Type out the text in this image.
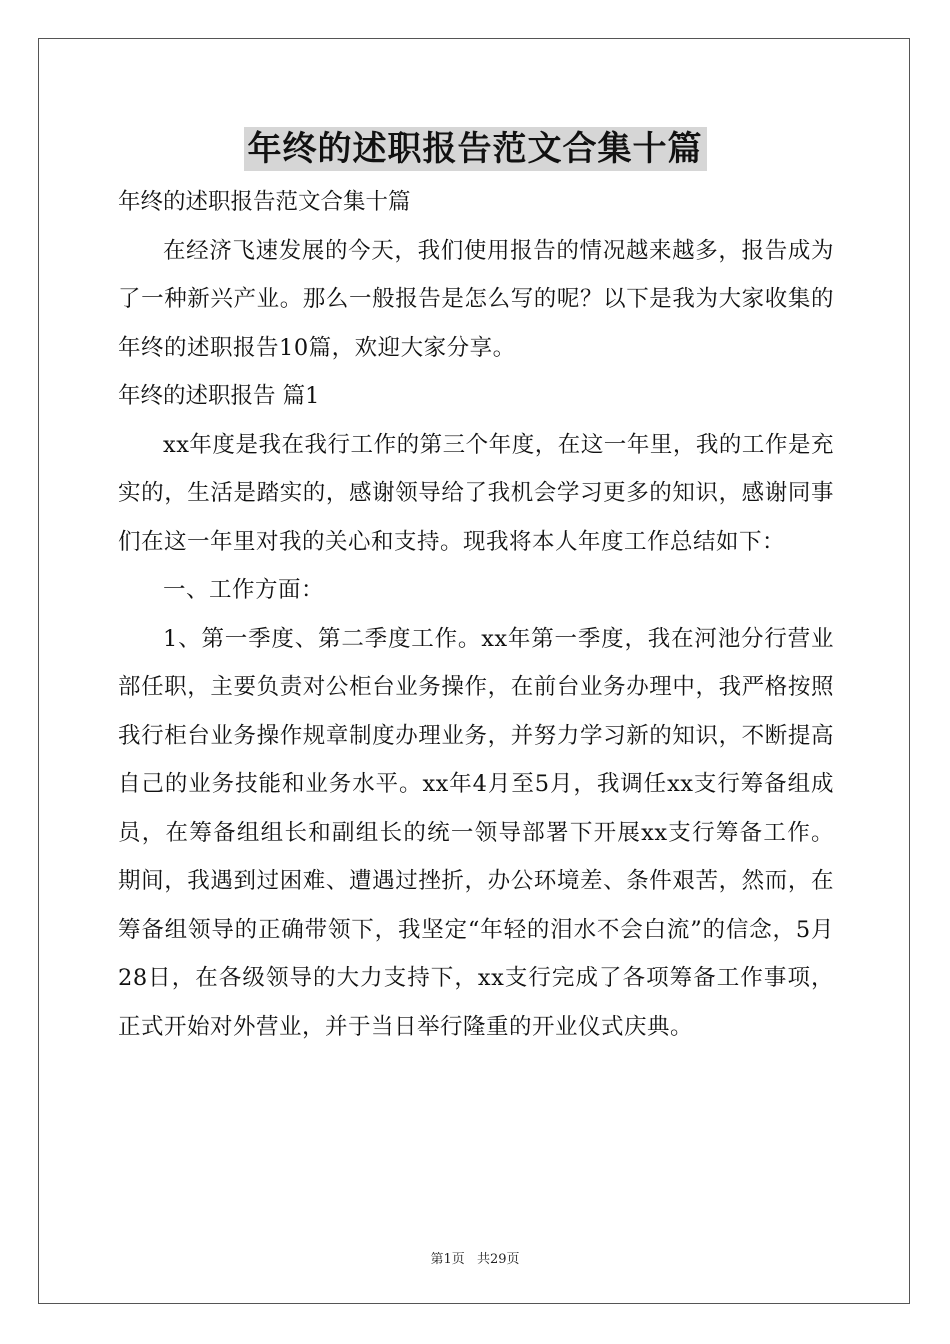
年终的述职报告范文合集十篇
年终的述职报告范文合集十篇

在经济飞速发展的今天，我们使用报告的情况越来越多，报告成为了一种新兴产业。那么一般报告是怎么写的呢？以下是我为大家收集的年终的述职报告10篇，欢迎大家分享。

年终的述职报告 篇1

xx年度是我在我行工作的第三个年度，在这一年里，我的工作是充实的，生活是踏实的，感谢领导给了我机会学习更多的知识，感谢同事们在这一年里对我的关心和支持。现我将本人年度工作总结如下：

一、工作方面：

1、第一季度、第二季度工作。xx年第一季度，我在河池分行营业部任职，主要负责对公柜台业务操作，在前台业务办理中，我严格按照我行柜台业务操作规章制度办理业务，并努力学习新的知识，不断提高自己的业务技能和业务水平。xx年4月至5月，我调任xx支行筹备组成员，在筹备组组长和副组长的统一领导部署下开展xx支行筹备工作。期间，我遇到过困难、遭遇过挫折，办公环境差、条件艰苦，然而，在筹备组领导的正确带领下，我坚定“年轻的泪水不会白流”的信念，5月28日，在各级领导的大力支持下，xx支行完成了各项筹备工作事项，正式开始对外营业，并于当日举行隆重的开业仪式庆典。

第1页 共29页
